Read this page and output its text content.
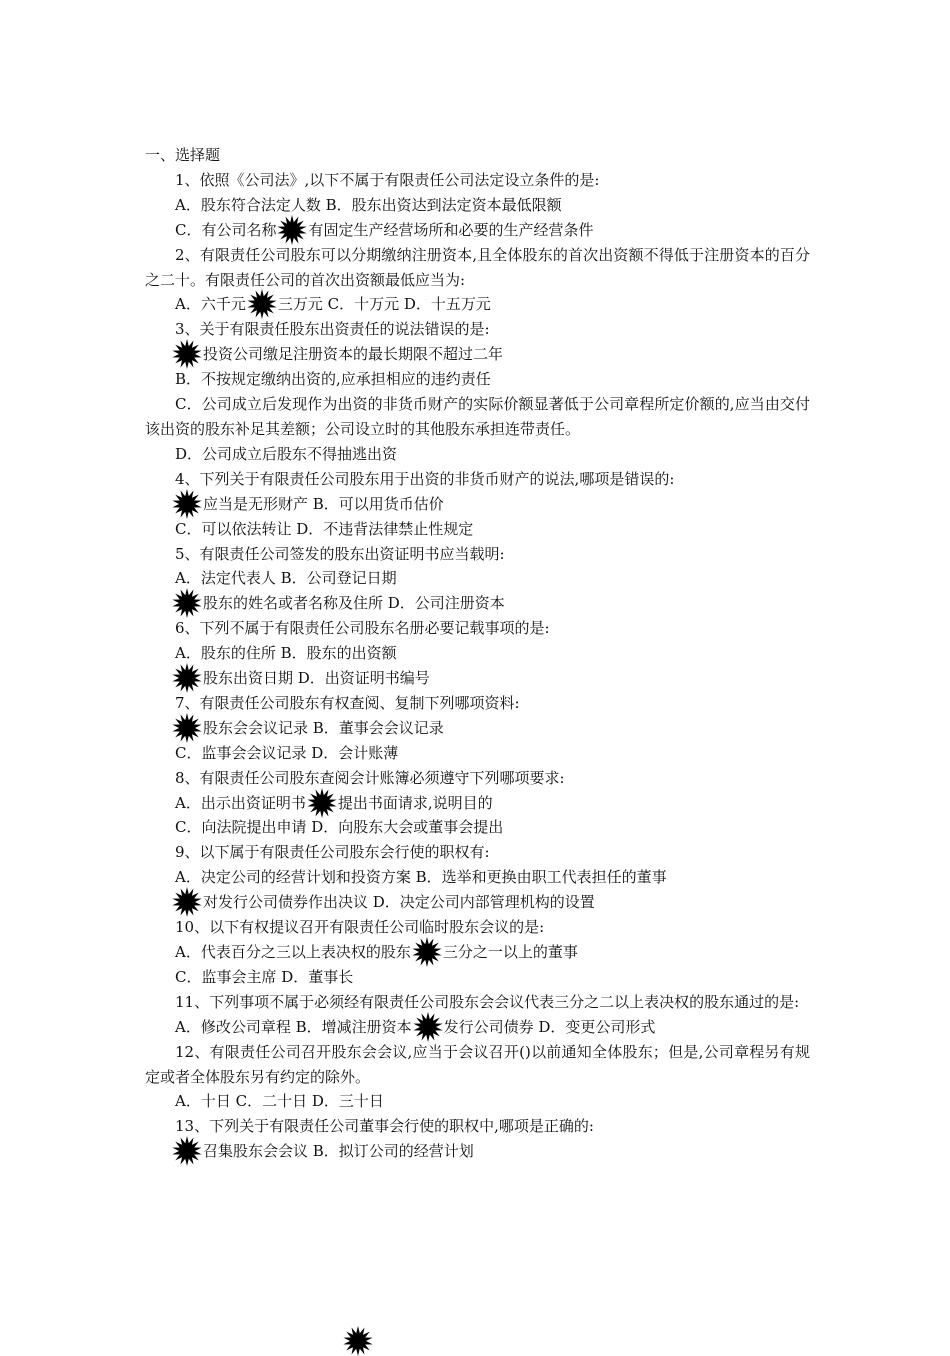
一、选择题
1、依照《公司法》,以下不属于有限责任公司法定设立条件的是:
A．股东符合法定人数 B．股东出资达到法定资本最低限额
C．有公司名称 有固定生产经营场所和必要的生产经营条件
2、有限责任公司股东可以分期缴纳注册资本,且全体股东的首次出资额不得低于注册资本的百分之二十。有限责任公司的首次出资额最低应当为:
A．六千元 三万元 C．十万元 D．十五万元
3、关于有限责任股东出资责任的说法错误的是:
投资公司缴足注册资本的最长期限不超过二年
B．不按规定缴纳出资的,应承担相应的违约责任
C．公司成立后发现作为出资的非货币财产的实际价额显著低于公司章程所定价额的,应当由交付该出资的股东补足其差额；公司设立时的其他股东承担连带责任。
D．公司成立后股东不得抽逃出资
4、下列关于有限责任公司股东用于出资的非货币财产的说法,哪项是错误的:
应当是无形财产 B．可以用货币估价
C．可以依法转让 D．不违背法律禁止性规定
5、有限责任公司签发的股东出资证明书应当载明:
A．法定代表人 B．公司登记日期
股东的姓名或者名称及住所 D．公司注册资本
6、下列不属于有限责任公司股东名册必要记载事项的是:
A．股东的住所 B．股东的出资额
股东出资日期 D．出资证明书编号
7、有限责任公司股东有权查阅、复制下列哪项资料:
股东会会议记录 B．董事会会议记录
C．监事会会议记录 D．会计账薄
8、有限责任公司股东查阅会计账簿必须遵守下列哪项要求:
A．出示出资证明书 提出书面请求,说明目的
C．向法院提出申请 D．向股东大会或董事会提出
9、以下属于有限责任公司股东会行使的职权有:
A．决定公司的经营计划和投资方案 B．选举和更换由职工代表担任的董事
对发行公司债券作出决议 D．决定公司内部管理机构的设置
10、以下有权提议召开有限责任公司临时股东会议的是:
A．代表百分之三以上表决权的股东 三分之一以上的董事
C．监事会主席 D．董事长
11、下列事项不属于必须经有限责任公司股东会会议代表三分之二以上表决权的股东通过的是:
A．修改公司章程 B．增减注册资本 发行公司债券 D．变更公司形式
12、有限责任公司召开股东会会议,应当于会议召开()以前通知全体股东；但是,公司章程另有规定或者全体股东另有约定的除外。
A．十日 C．二十日 D．三十日
13、下列关于有限责任公司董事会行使的职权中,哪项是正确的:
召集股东会会议 B．拟订公司的经营计划
